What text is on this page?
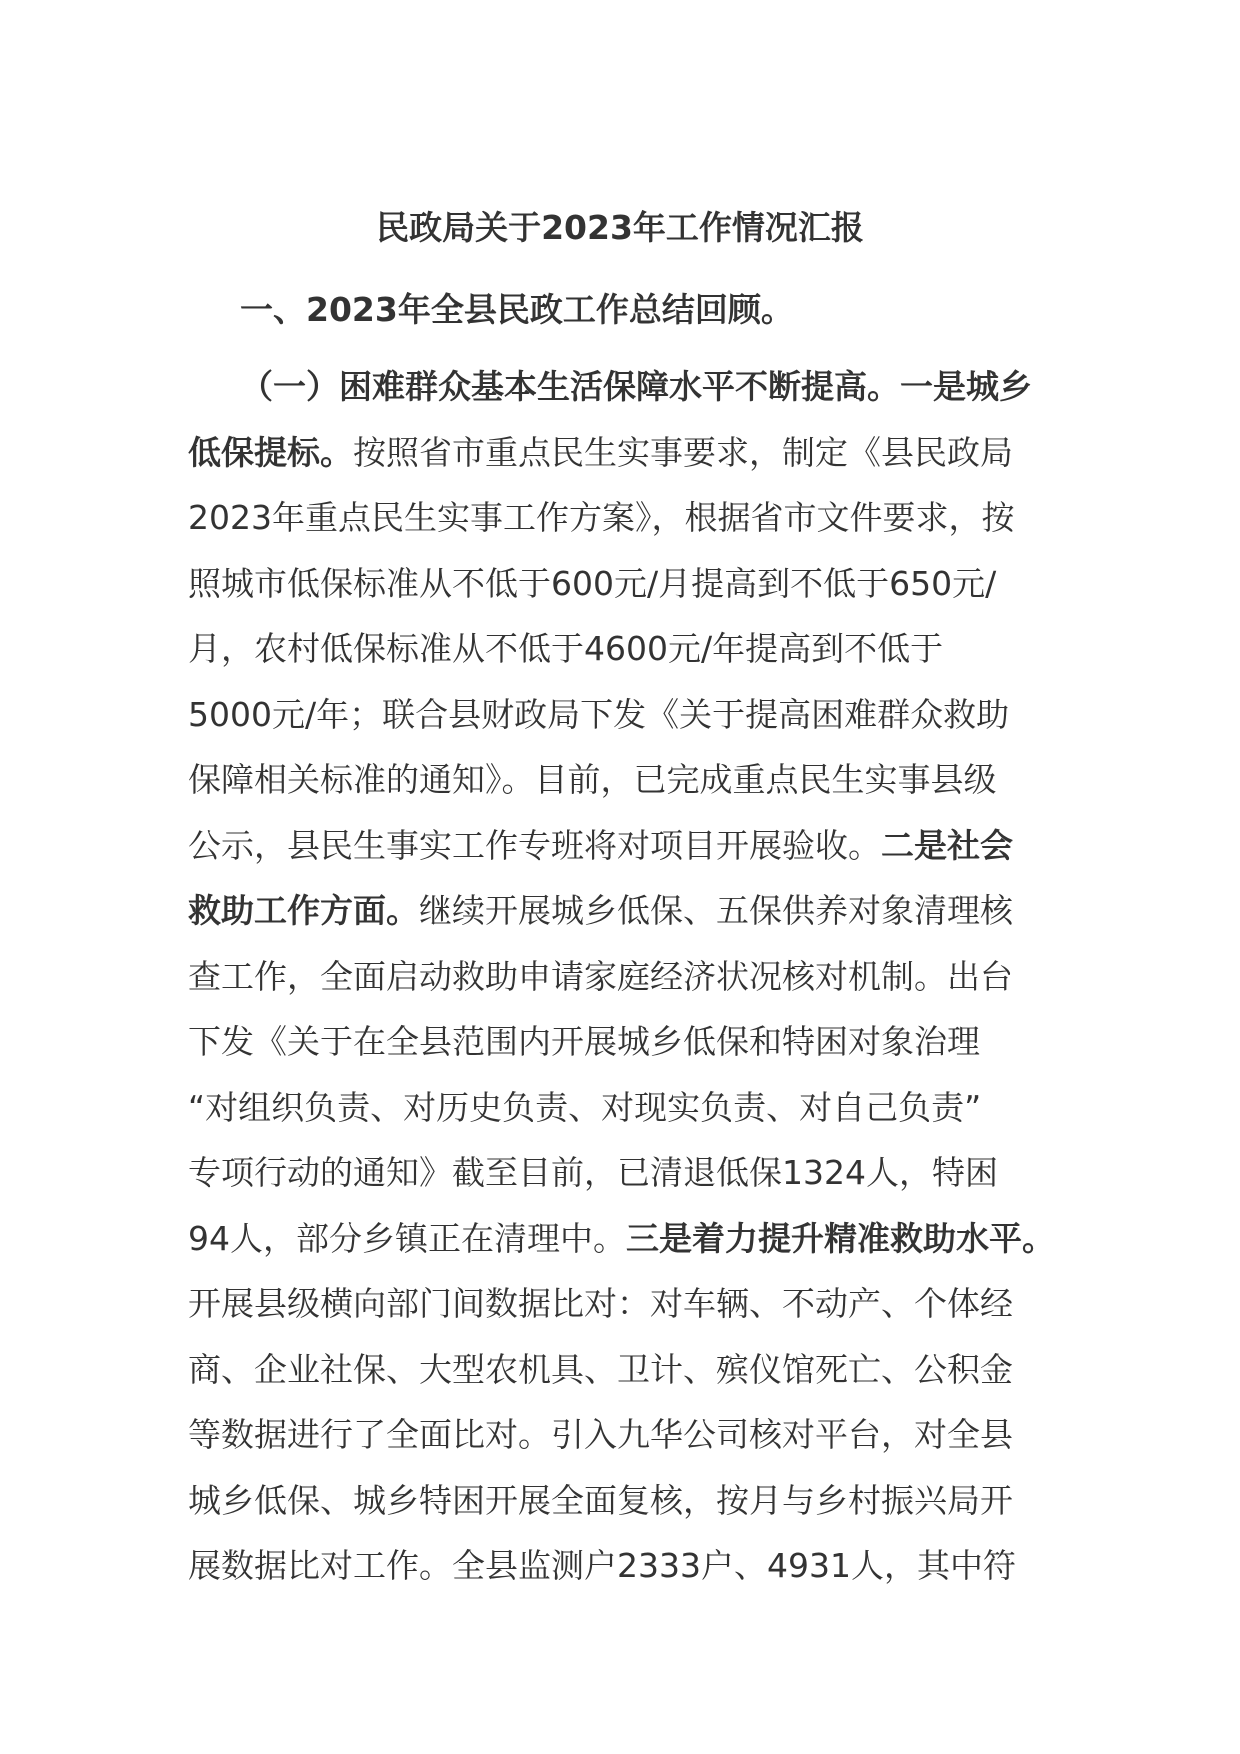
民政局关于2023年工作情况汇报
一、2023年全县民政工作总结回顾。
（一）困难群众基本生活保障水平不断提高。一是城乡
低保提标。按照省市重点民生实事要求，制定《县民政局
2023年重点民生实事工作方案》，根据省市文件要求，按
照城市低保标准从不低于600元/月提高到不低于650元/
月，农村低保标准从不低于4600元/年提高到不低于
5000元/年；联合县财政局下发《关于提高困难群众救助
保障相关标准的通知》。目前，已完成重点民生实事县级
公示，县民生事实工作专班将对项目开展验收。二是社会
救助工作方面。继续开展城乡低保、五保供养对象清理核
查工作，全面启动救助申请家庭经济状况核对机制。出台
下发《关于在全县范围内开展城乡低保和特困对象治理
“对组织负责、对历史负责、对现实负责、对自己负责”
专项行动的通知》截至目前，已清退低保1324人，特困
94人，部分乡镇正在清理中。三是着力提升精准救助水平。
开展县级横向部门间数据比对：对车辆、不动产、个体经
商、企业社保、大型农机具、卫计、殡仪馆死亡、公积金
等数据进行了全面比对。引入九华公司核对平台，对全县
城乡低保、城乡特困开展全面复核，按月与乡村振兴局开
展数据比对工作。全县监测户2333户、4931人，其中符
